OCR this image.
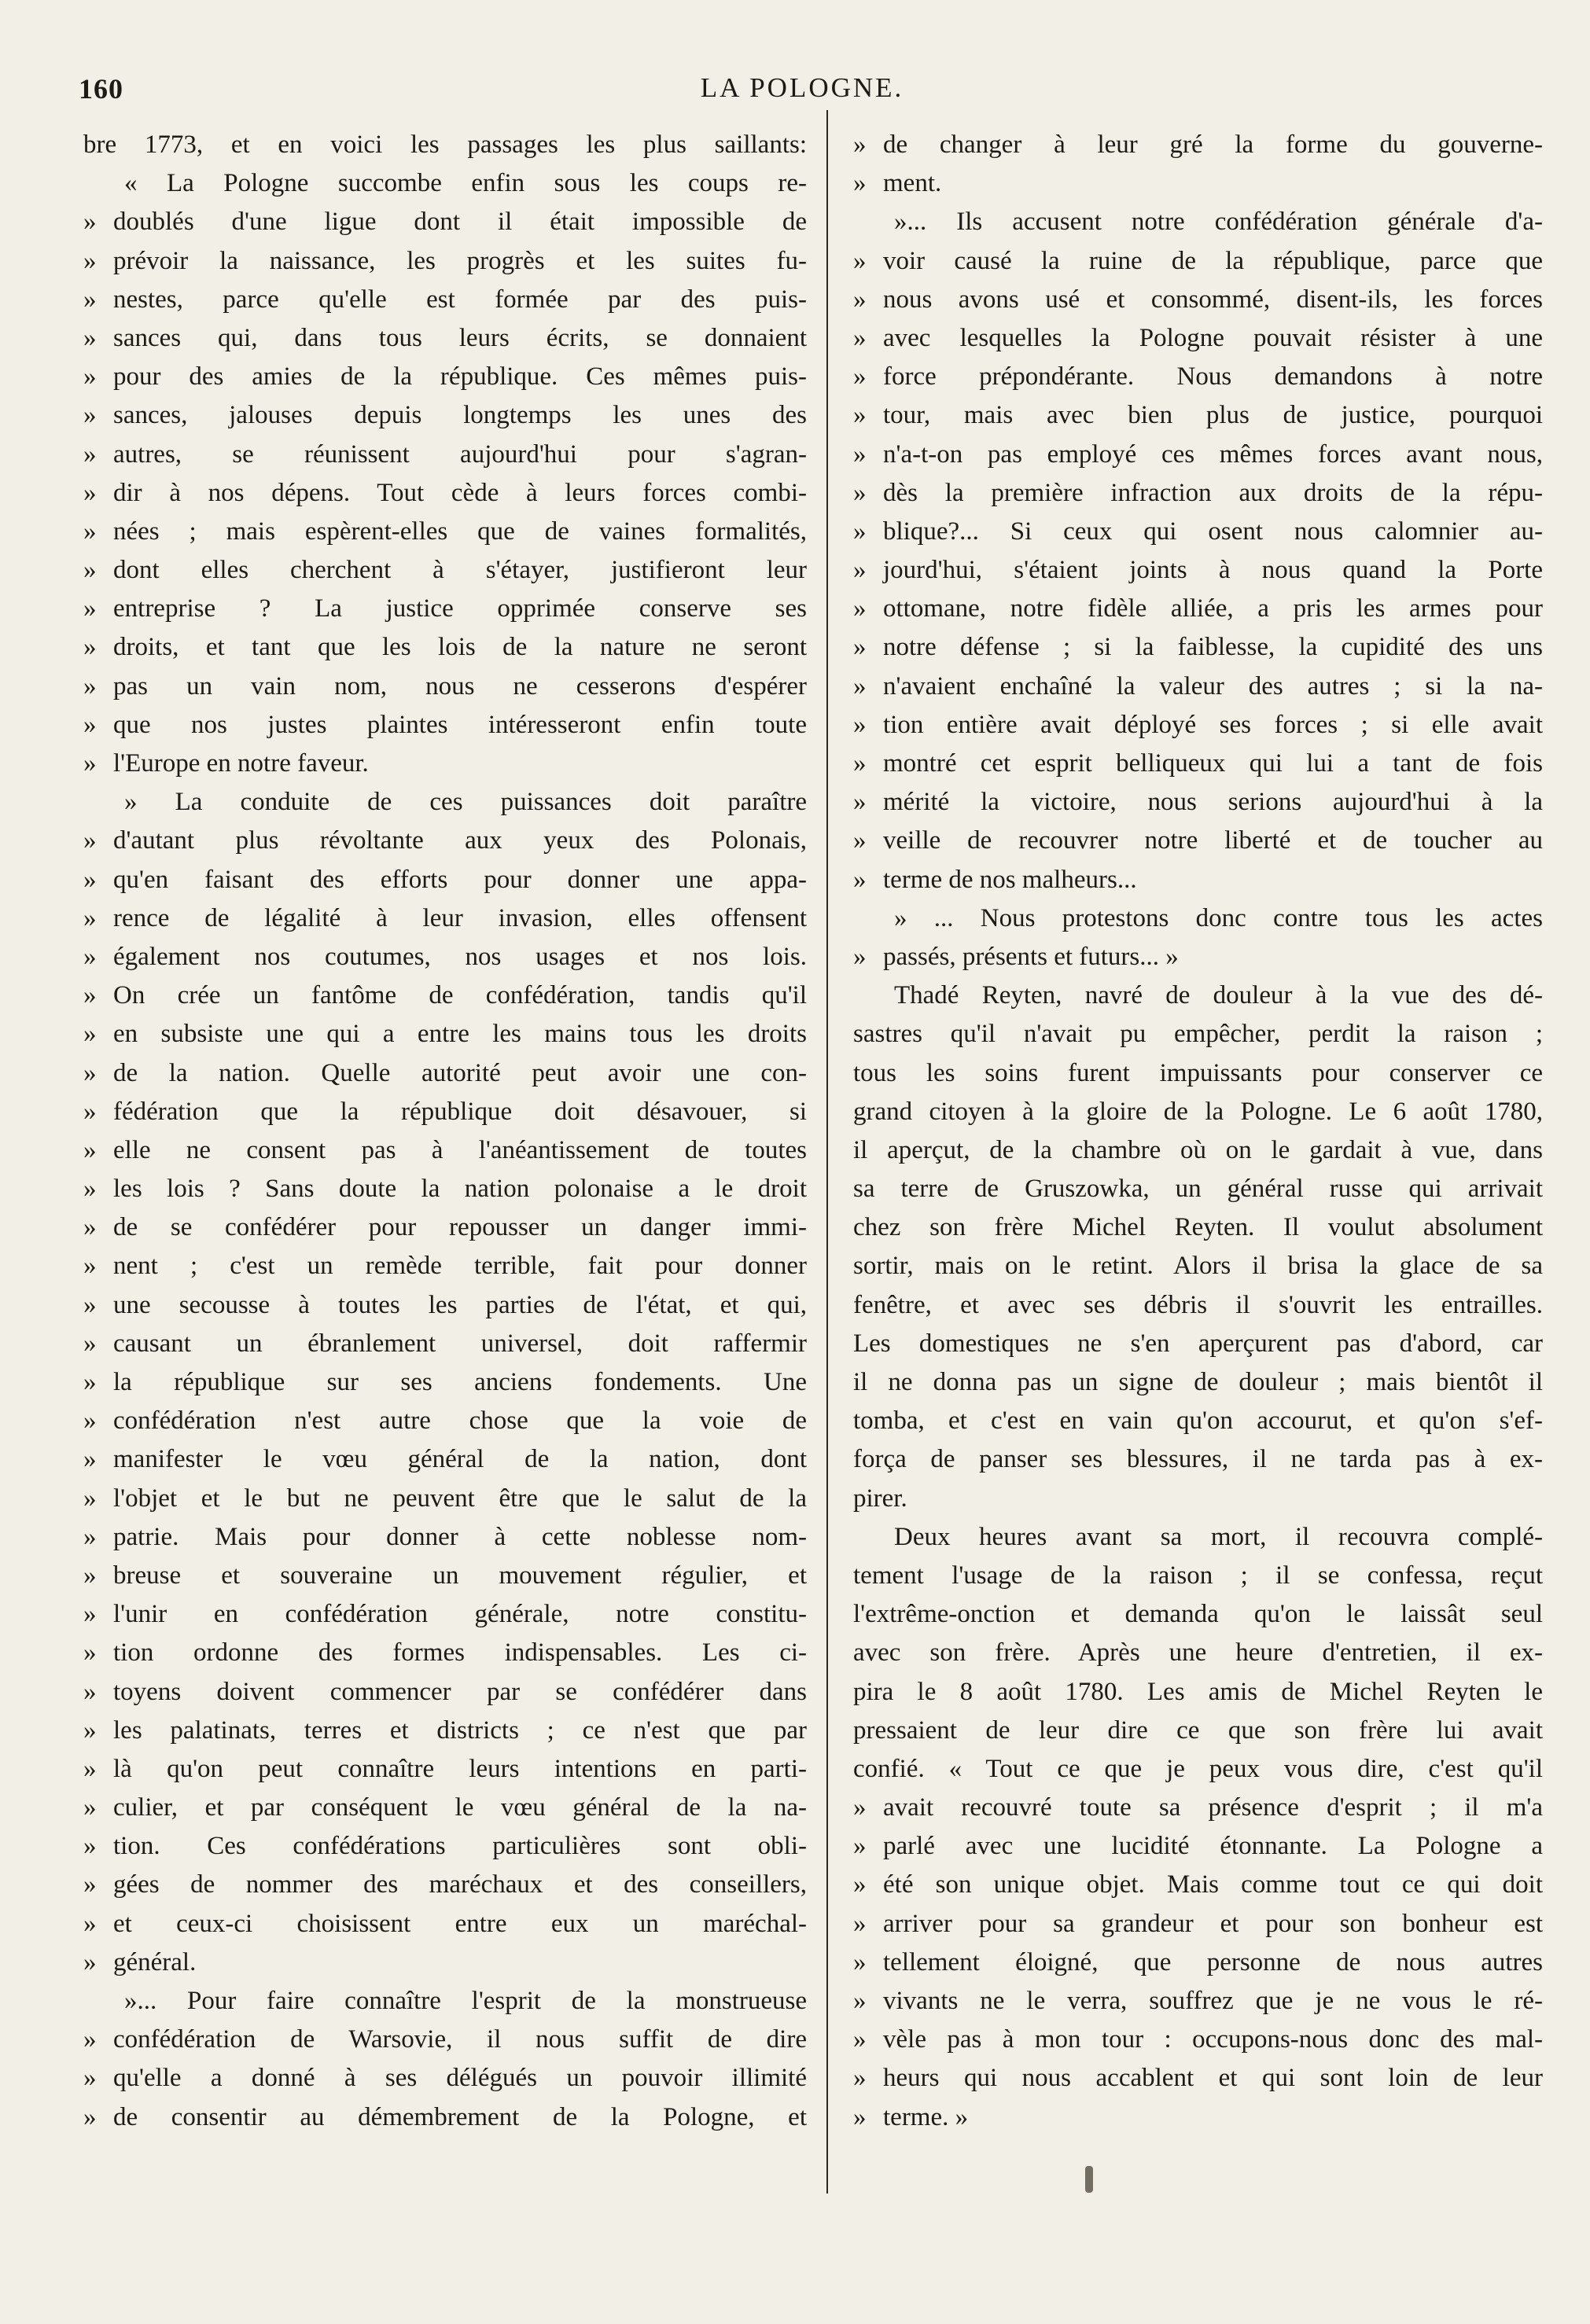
160	LA POLOGNE.
bre 1773, et en voici les passages les plus saillants:
« La Pologne succombe enfin sous les coups re-
» doublés d'une ligue dont il était impossible de
» prévoir la naissance, les progrès et les suites fu-
» nestes, parce qu'elle est formée par des puis-
» sances qui, dans tous leurs écrits, se donnaient
» pour des amies de la république. Ces mêmes puis-
» sances, jalouses depuis longtemps les unes des
» autres, se réunissent aujourd'hui pour s'agran-
» dir à nos dépens. Tout cède à leurs forces combi-
» nées ; mais espèrent-elles que de vaines formalités,
» dont elles cherchent à s'étayer, justifieront leur
» entreprise ? La justice opprimée conserve ses
» droits, et tant que les lois de la nature ne seront
» pas un vain nom, nous ne cesserons d'espérer
» que nos justes plaintes intéresseront enfin toute
» l'Europe en notre faveur.
» La conduite de ces puissances doit paraître
» d'autant plus révoltante aux yeux des Polonais,
» qu'en faisant des efforts pour donner une appa-
» rence de légalité à leur invasion, elles offensent
» également nos coutumes, nos usages et nos lois.
» On crée un fantôme de confédération, tandis qu'il
» en subsiste une qui a entre les mains tous les droits
» de la nation. Quelle autorité peut avoir une con-
» fédération que la république doit désavouer, si
» elle ne consent pas à l'anéantissement de toutes
» les lois ? Sans doute la nation polonaise a le droit
» de se confédérer pour repousser un danger immi-
» nent ; c'est un remède terrible, fait pour donner
» une secousse à toutes les parties de l'état, et qui,
» causant un ébranlement universel, doit raffermir
» la république sur ses anciens fondements. Une
» confédération n'est autre chose que la voie de
» manifester le vœu général de la nation, dont
» l'objet et le but ne peuvent être que le salut de la
» patrie. Mais pour donner à cette noblesse nom-
» breuse et souveraine un mouvement régulier, et
» l'unir en confédération générale, notre constitu-
» tion ordonne des formes indispensables. Les ci-
» toyens doivent commencer par se confédérer dans
» les palatinats, terres et districts ; ce n'est que par
» là qu'on peut connaître leurs intentions en parti-
» culier, et par conséquent le vœu général de la na-
» tion. Ces confédérations particulières sont obli-
» gées de nommer des maréchaux et des conseillers,
» et ceux-ci choisissent entre eux un maréchal-
» général.
»... Pour faire connaître l'esprit de la monstrueuse
» confédération de Warsovie, il nous suffit de dire
» qu'elle a donné à ses délégués un pouvoir illimité
» de consentir au démembrement de la Pologne, et
» de changer à leur gré la forme du gouverne-
» ment.
»... Ils accusent notre confédération générale d'a-
» voir causé la ruine de la république, parce que
» nous avons usé et consommé, disent-ils, les forces
» avec lesquelles la Pologne pouvait résister à une
» force prépondérante. Nous demandons à notre
» tour, mais avec bien plus de justice, pourquoi
» n'a-t-on pas employé ces mêmes forces avant nous,
» dès la première infraction aux droits de la répu-
» blique?... Si ceux qui osent nous calomnier au-
» jourd'hui, s'étaient joints à nous quand la Porte
» ottomane, notre fidèle alliée, a pris les armes pour
» notre défense ; si la faiblesse, la cupidité des uns
» n'avaient enchaîné la valeur des autres ; si la na-
» tion entière avait déployé ses forces ; si elle avait
» montré cet esprit belliqueux qui lui a tant de fois
» mérité la victoire, nous serions aujourd'hui à la
» veille de recouvrer notre liberté et de toucher au
» terme de nos malheurs...
» ... Nous protestons donc contre tous les actes
» passés, présents et futurs... »
Thadé Reyten, navré de douleur à la vue des dé-
sastres qu'il n'avait pu empêcher, perdit la raison ;
tous les soins furent impuissants pour conserver ce
grand citoyen à la gloire de la Pologne. Le 6 août 1780,
il aperçut, de la chambre où on le gardait à vue, dans
sa terre de Gruszowka, un général russe qui arrivait
chez son frère Michel Reyten. Il voulut absolument
sortir, mais on le retint. Alors il brisa la glace de sa
fenêtre, et avec ses débris il s'ouvrit les entrailles.
Les domestiques ne s'en aperçurent pas d'abord, car
il ne donna pas un signe de douleur ; mais bientôt il
tomba, et c'est en vain qu'on accourut, et qu'on s'ef-
força de panser ses blessures, il ne tarda pas à ex-
pirer.
Deux heures avant sa mort, il recouvra complé-
tement l'usage de la raison ; il se confessa, reçut
l'extrême-onction et demanda qu'on le laissât seul
avec son frère. Après une heure d'entretien, il ex-
pira le 8 août 1780. Les amis de Michel Reyten le
pressaient de leur dire ce que son frère lui avait
confié. « Tout ce que je peux vous dire, c'est qu'il
» avait recouvré toute sa présence d'esprit ; il m'a
» parlé avec une lucidité étonnante. La Pologne a
» été son unique objet. Mais comme tout ce qui doit
» arriver pour sa grandeur et pour son bonheur est
» tellement éloigné, que personne de nous autres
» vivants ne le verra, souffrez que je ne vous le ré-
» vèle pas à mon tour : occupons-nous donc des mal-
» heurs qui nous accablent et qui sont loin de leur
» terme. »
